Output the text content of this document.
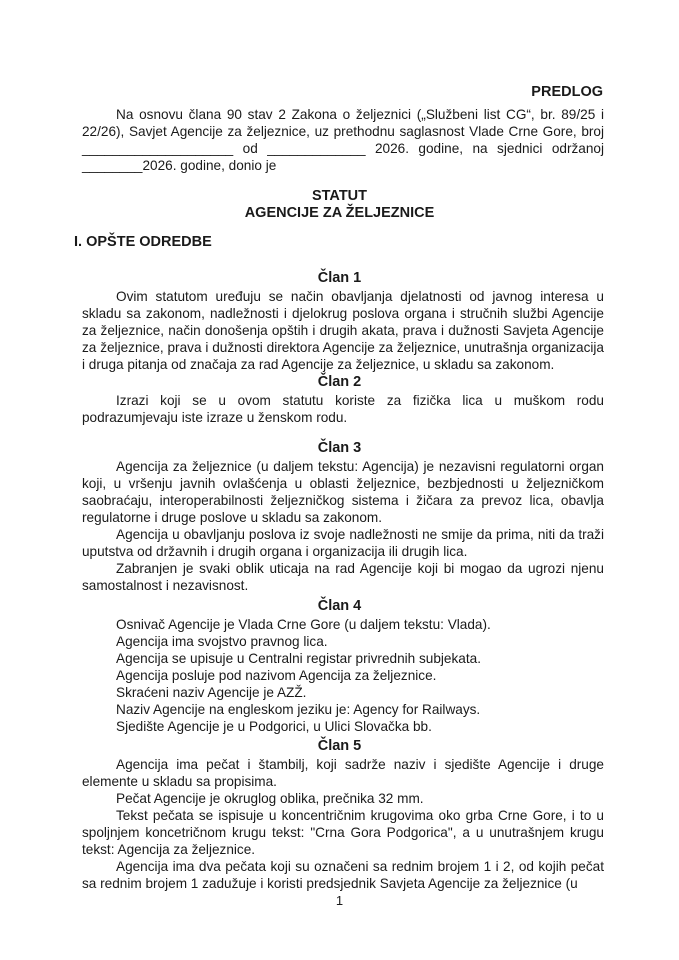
PREDLOG

Na osnovu člana 90 stav 2 Zakona o željeznici („Službeni list CG“, br. 89/25 i 22/26), Savjet Agencije za željeznice, uz prethodnu saglasnost Vlade Crne Gore, broj ____________________ od _____________ 2026. godine, na sjednici održanoj ________2026. godine, donio je

STATUT
AGENCIJE ZA ŽELJEZNICE
I. OPŠTE ODREDBE
Član 1

Ovim statutom uređuju se način obavljanja djelatnosti od javnog interesa u skladu sa zakonom, nadležnosti i djelokrug poslova organa i stručnih službi Agencije za željeznice, način donošenja opštih i drugih akata, prava i dužnosti Savjeta Agencije za željeznice, prava i dužnosti direktora Agencije za željeznice, unutrašnja organizacija i druga pitanja od značaja za rad Agencije za željeznice, u skladu sa zakonom.

Član 2

Izrazi koji se u ovom statutu koriste za fizička lica u muškom rodu podrazumjevaju iste izraze u ženskom rodu.

Član 3

Agencija za željeznice (u daljem tekstu: Agencija) je nezavisni regulatorni organ koji, u vršenju javnih ovlašćenja u oblasti željeznice, bezbjednosti u željezničkom saobraćaju, interoperabilnosti željezničkog sistema i žičara za prevoz lica, obavlja regulatorne i druge poslove u skladu sa zakonom.

Agencija u obavljanju poslova iz svoje nadležnosti ne smije da prima, niti da traži uputstva od državnih i drugih organa i organizacija ili drugih lica.

Zabranjen je svaki oblik uticaja na rad Agencije koji bi mogao da ugrozi njenu samostalnost i nezavisnost.

Član 4
Osnivač Agencije je Vlada Crne Gore (u daljem tekstu: Vlada).
Agencija ima svojstvo pravnog lica.
Agencija se upisuje u Centralni registar privrednih subjekata.
Agencija posluje pod nazivom Agencija za željeznice.
Skraćeni naziv Agencije je AZŽ.
Naziv Agencije na engleskom jeziku je: Agency for Railways.
Sjedište Agencije je u Podgorici, u Ulici Slovačka bb.
Član 5

Agencija ima pečat i štambilj, koji sadrže naziv i sjedište Agencije i druge elemente u skladu sa propisima.

Pečat Agencije je okruglog oblika, prečnika 32 mm.

Tekst pečata se ispisuje u koncentričnim krugovima oko grba Crne Gore, i to u spoljnjem koncetričnom krugu tekst: "Crna Gora Podgorica", a u unutrašnjem krugu tekst: Agencija za željeznice.

Agencija ima dva pečata koji su označeni sa rednim brojem 1 i 2, od kojih pečat sa rednim brojem 1 zadužuje i koristi predsjednik Savjeta Agencije za željeznice (u

1
